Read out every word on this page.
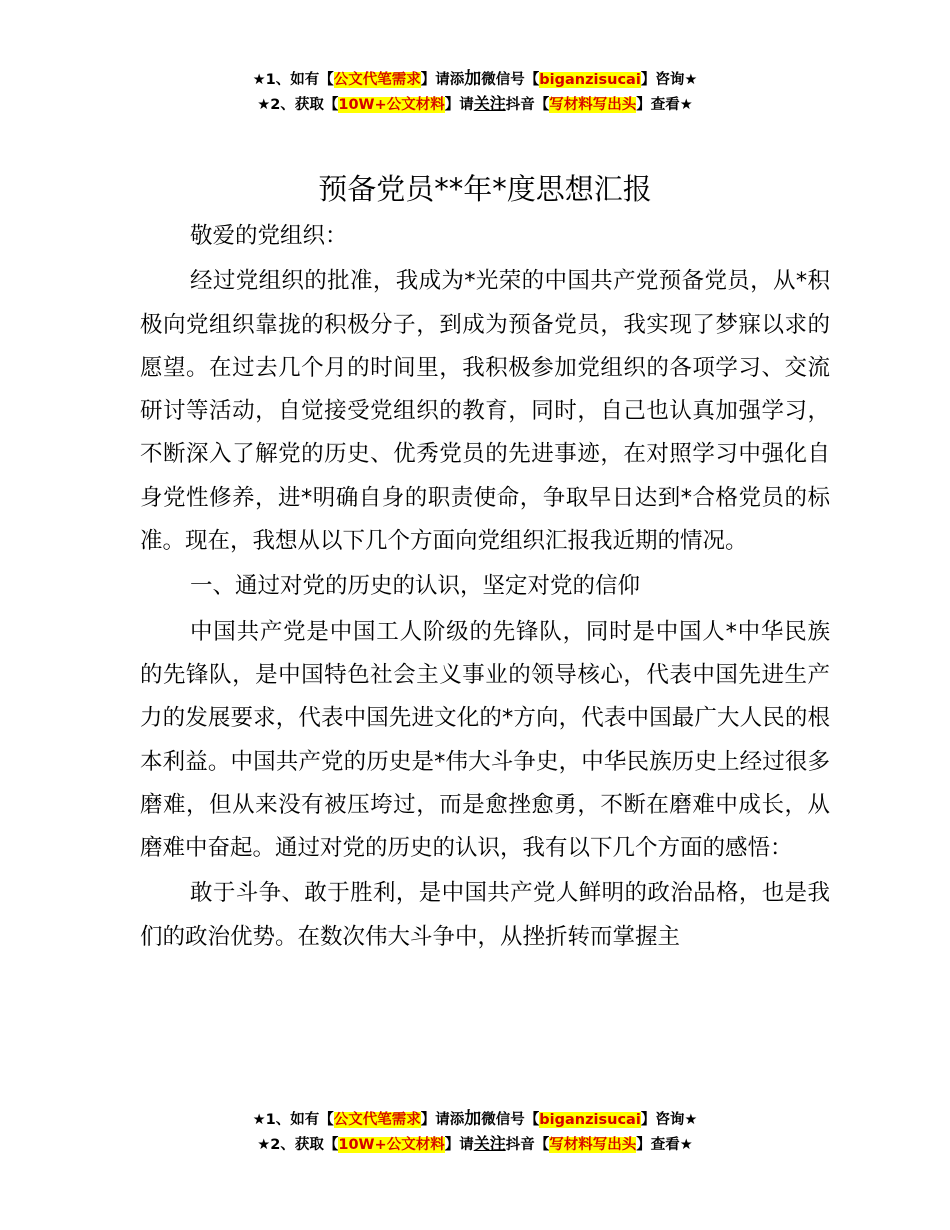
★1、如有【公文代笔需求】请添加微信号【biganzisucai】咨询★
★2、获取【10W+公文材料】请关注抖音【写材料写出头】查看★
预备党员**年*度思想汇报
敬爱的党组织：
经过党组织的批准，我成为*光荣的中国共产党预备党员，从*积极向党组织靠拢的积极分子，到成为预备党员，我实现了梦寐以求的愿望。在过去几个月的时间里，我积极参加党组织的各项学习、交流研讨等活动，自觉接受党组织的教育，同时，自己也认真加强学习，不断深入了解党的历史、优秀党员的先进事迹，在对照学习中强化自身党性修养，进*明确自身的职责使命，争取早日达到*合格党员的标准。现在，我想从以下几个方面向党组织汇报我近期的情况。
一、通过对党的历史的认识，坚定对党的信仰
中国共产党是中国工人阶级的先锋队，同时是中国人*中华民族的先锋队，是中国特色社会主义事业的领导核心，代表中国先进生产力的发展要求，代表中国先进文化的*方向，代表中国最广大人民的根本利益。中国共产党的历史是*伟大斗争史，中华民族历史上经过很多磨难，但从来没有被压垮过，而是愈挫愈勇，不断在磨难中成长，从磨难中奋起。通过对党的历史的认识，我有以下几个方面的感悟：
敢于斗争、敢于胜利，是中国共产党人鲜明的政治品格，也是我们的政治优势。在数次伟大斗争中，从挫折转而掌握主
★1、如有【公文代笔需求】请添加微信号【biganzisucai】咨询★
★2、获取【10W+公文材料】请关注抖音【写材料写出头】查看★
